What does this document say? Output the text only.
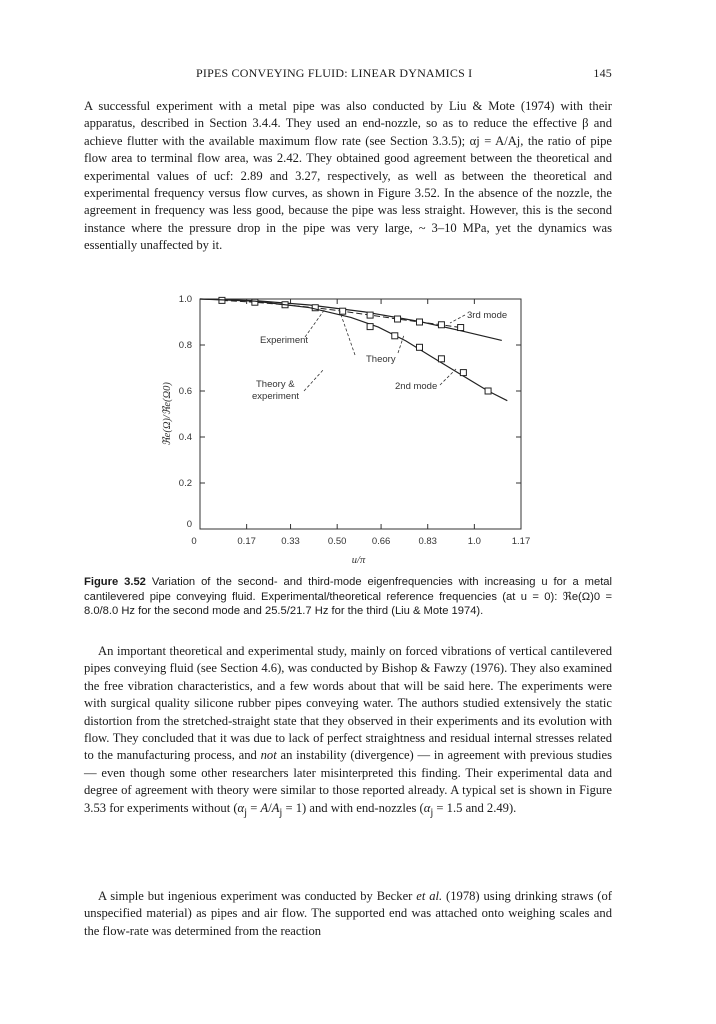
PIPES CONVEYING FLUID: LINEAR DYNAMICS I	145

A successful experiment with a metal pipe was also conducted by Liu & Mote (1974) with their apparatus, described in Section 3.4.4. They used an end-nozzle, so as to reduce the effective β and achieve flutter with the available maximum flow rate (see Section 3.3.5); αj = A/Aj, the ratio of pipe flow area to terminal flow area, was 2.42. They obtained good agreement between the theoretical and experimental values of ucf: 2.89 and 3.27, respectively, as well as between the theoretical and experimental frequency versus flow curves, as shown in Figure 3.52. In the absence of the nozzle, the agreement in frequency was less good, because the pipe was less straight. However, this is the second instance where the pressure drop in the pipe was very large, ~ 3–10 MPa, yet the dynamics was essentially unaffected by it.

0	0.17	0.33	0.50	0.66	0.83	1.0	1.17
0
0.2
0.4
0.6
0.8
1.0
u/π
ℜe(Ω)/ℜe(Ω0)
3rd mode
Experiment
Theory
2nd mode
Theory &
experiment
Figure 3.52 Variation of the second- and third-mode eigenfrequencies with increasing u for a metal cantilevered pipe conveying fluid. Experimental/theoretical reference frequencies (at u = 0): ℜe(Ω)0 = 8.0/8.0 Hz for the second mode and 25.5/21.7 Hz for the third (Liu & Mote 1974).

An important theoretical and experimental study, mainly on forced vibrations of vertical cantilevered pipes conveying fluid (see Section 4.6), was conducted by Bishop & Fawzy (1976). They also examined the free vibration characteristics, and a few words about that will be said here. The experiments were with surgical quality silicone rubber pipes conveying water. The authors studied extensively the static distortion from the stretched-straight state that they observed in their experiments and its evolution with flow. They concluded that it was due to lack of perfect straightness and residual internal stresses related to the manufacturing process, and not an instability (divergence) — in agreement with previous studies — even though some other researchers later misinterpreted this finding. Their experimental data and degree of agreement with theory were similar to those reported already. A typical set is shown in Figure 3.53 for experiments without $(\alpha_j = A/A_j = 1)$ and with end-nozzles ($\alpha_j = 1.5$ and 2.49).

A simple but ingenious experiment was conducted by Becker et al. (1978) using drinking straws (of unspecified material) as pipes and air flow. The supported end was attached onto weighing scales and the flow-rate was determined from the reaction
